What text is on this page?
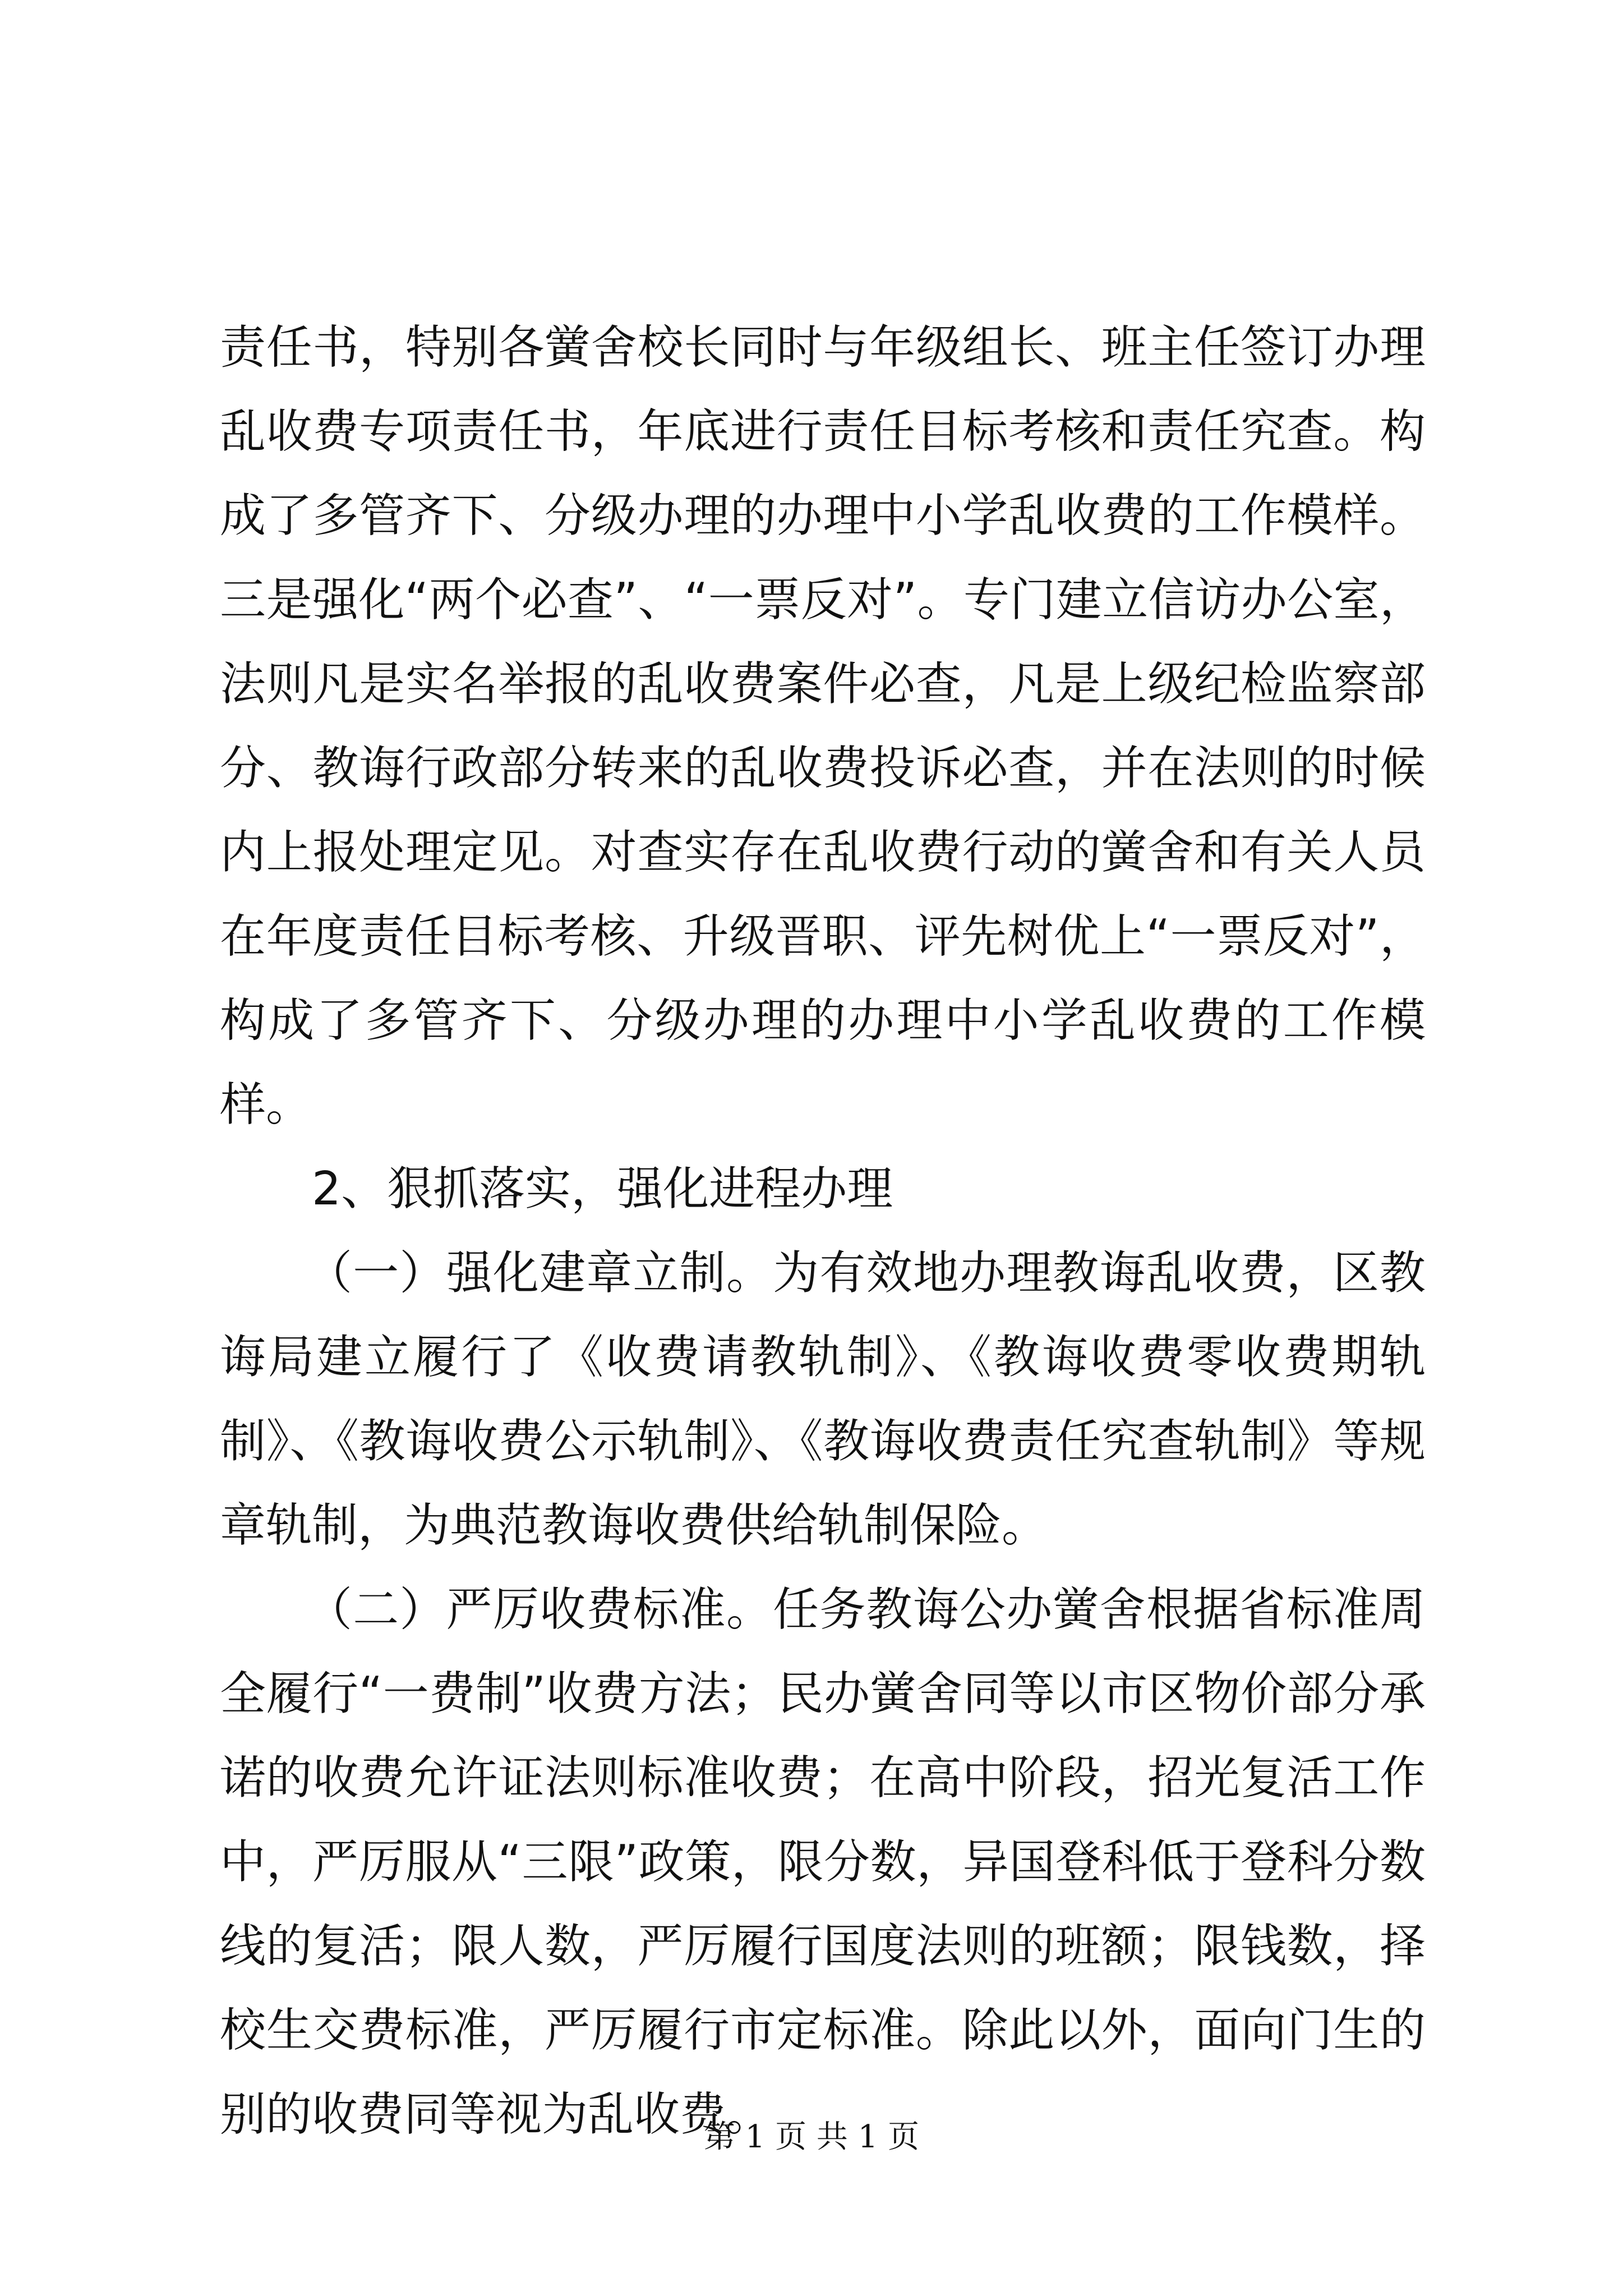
责任书，特别各黉舍校长同时与年级组长、班主任签订办理乱收费专项责任书，年底进行责任目标考核和责任究查。构成了多管齐下、分级办理的办理中小学乱收费的工作模样。三是强化“两个必查”、“一票反对”。专门建立信访办公室，法则凡是实名举报的乱收费案件必查，凡是上级纪检监察部分、教诲行政部分转来的乱收费投诉必查，并在法则的时候内上报处理定见。对查实存在乱收费行动的黉舍和有关人员在年度责任目标考核、升级晋职、评先树优上“一票反对”，构成了多管齐下、分级办理的办理中小学乱收费的工作模样。

2、狠抓落实，强化进程办理

（一）强化建章立制。为有效地办理教诲乱收费，区教诲局建立履行了《收费请教轨制》、《教诲收费零收费期轨制》、《教诲收费公示轨制》、《教诲收费责任究查轨制》等规章轨制，为典范教诲收费供给轨制保险。

（二）严厉收费标准。任务教诲公办黉舍根据省标准周全履行“一费制”收费方法；民办黉舍同等以市区物价部分承诺的收费允许证法则标准收费；在高中阶段，招光复活工作中，严厉服从“三限”政策，限分数，异国登科低于登科分数线的复活；限人数，严厉履行国度法则的班额；限钱数，择校生交费标准，严厉履行市定标准。除此以外，面向门生的别的收费同等视为乱收费。

第 1 页 共 1 页
